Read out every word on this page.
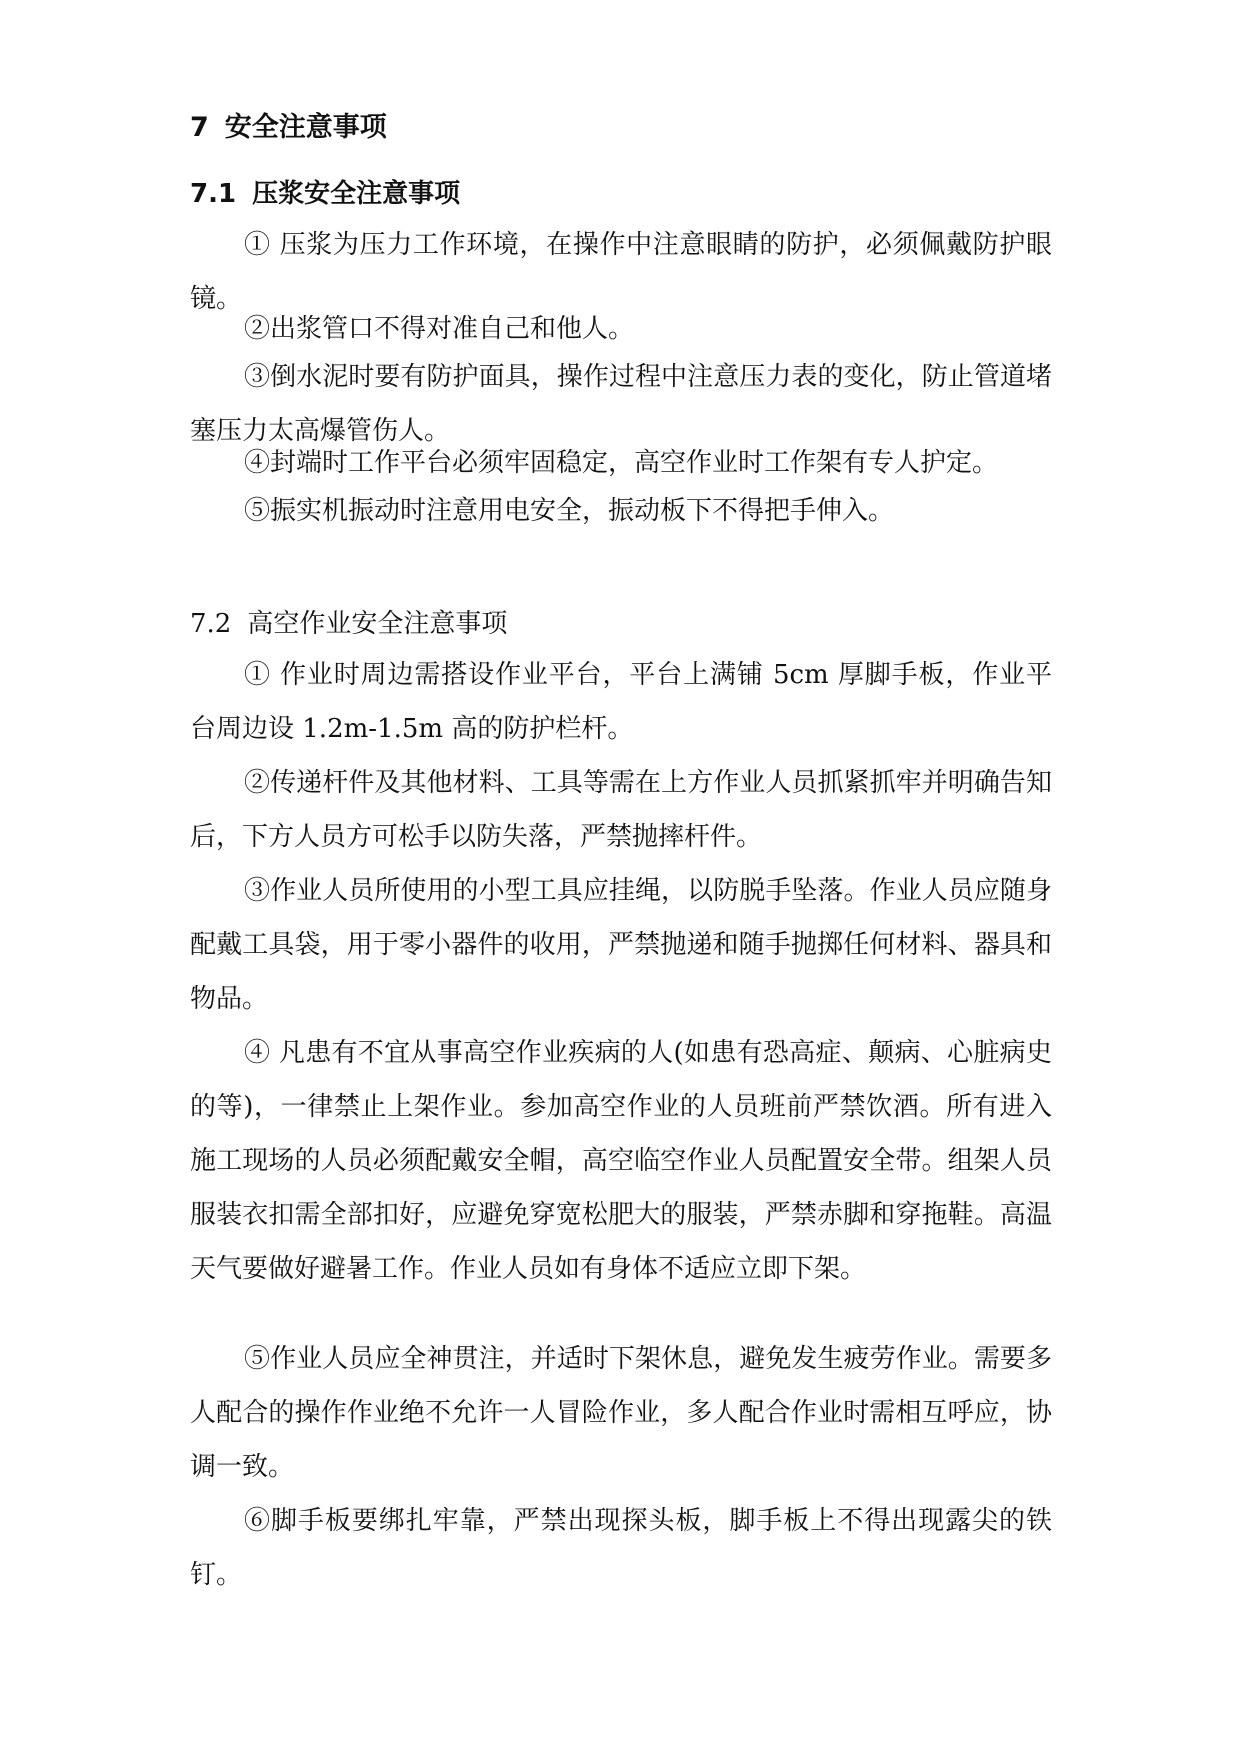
7 安全注意事项
7.1 压浆安全注意事项

① 压浆为压力工作环境，在操作中注意眼睛的防护，必须佩戴防护眼镜。

②出浆管口不得对准自己和他人。

③倒水泥时要有防护面具，操作过程中注意压力表的变化，防止管道堵塞压力太高爆管伤人。

④封端时工作平台必须牢固稳定，高空作业时工作架有专人护定。

⑤振实机振动时注意用电安全，振动板下不得把手伸入。

7.2 高空作业安全注意事项

① 作业时周边需搭设作业平台，平台上满铺 5cm 厚脚手板，作业平台周边设 1.2m-1.5m 高的防护栏杆。

②传递杆件及其他材料、工具等需在上方作业人员抓紧抓牢并明确告知后，下方人员方可松手以防失落，严禁抛摔杆件。

③作业人员所使用的小型工具应挂绳，以防脱手坠落。作业人员应随身配戴工具袋，用于零小器件的收用，严禁抛递和随手抛掷任何材料、器具和物品。

④ 凡患有不宜从事高空作业疾病的人(如患有恐高症、颠病、心脏病史的等)，一律禁止上架作业。参加高空作业的人员班前严禁饮酒。所有进入施工现场的人员必须配戴安全帽，高空临空作业人员配置安全带。组架人员服装衣扣需全部扣好，应避免穿宽松肥大的服装，严禁赤脚和穿拖鞋。高温天气要做好避暑工作。作业人员如有身体不适应立即下架。

⑤作业人员应全神贯注，并适时下架休息，避免发生疲劳作业。需要多人配合的操作作业绝不允许一人冒险作业，多人配合作业时需相互呼应，协调一致。

⑥脚手板要绑扎牢靠，严禁出现探头板，脚手板上不得出现露尖的铁钉。
